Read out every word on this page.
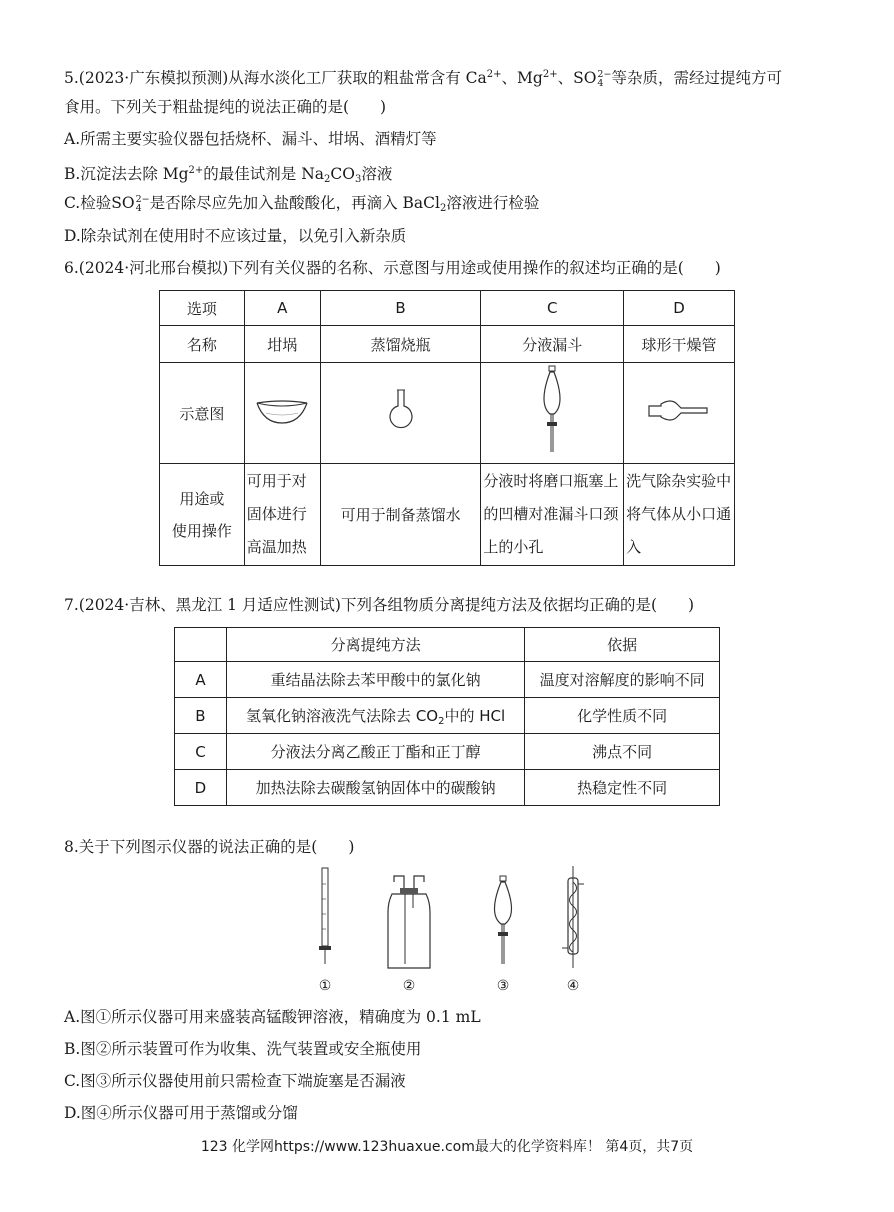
5.(2023·广东模拟预测)从海水淡化工厂获取的粗盐常含有 $Ca^{2+}$、$Mg^{2+}$、SO 2−
4 等杂质，需经过提纯方可
食用。下列关于粗盐提纯的说法正确的是(　　)
A.所需主要实验仪器包括烧杯、漏斗、坩埚、酒精灯等
B.沉淀法去除 $Mg^{2+}$的最佳试剂是 $Na_2CO_3$溶液
C.检验SO 2−
4 是否除尽应先加入盐酸酸化，再滴入 BaCl$_2$溶液进行检验
D.除杂试剂在使用时不应该过量，以免引入新杂质
6.(2024·河北邢台模拟)下列有关仪器的名称、示意图与用途或使用操作的叙述均正确的是(　　)
选项	A	B	C	D
名称	坩埚	蒸馏烧瓶	分液漏斗	球形干燥管
示意图				

用途或
使用操作	可用于对固体进行高温加热	可用于制备蒸馏水	分液时将磨口瓶塞上的凹槽对准漏斗口颈上的小孔	洗气除杂实验中将气体从小口通入
7.(2024·吉林、黑龙江 1 月适应性测试)下列各组物质分离提纯方法及依据均正确的是(　　)
	分离提纯方法	依据
A	重结晶法除去苯甲酸中的氯化钠	温度对溶解度的影响不同
B	氢氧化钠溶液洗气法除去 $CO_2$中的 HCl	化学性质不同
C	分液法分离乙酸正丁酯和正丁醇	沸点不同
D	加热法除去碳酸氢钠固体中的碳酸钠	热稳定性不同
8.关于下列图示仪器的说法正确的是(　　)
①	②	③	④
A.图①所示仪器可用来盛装高锰酸钾溶液，精确度为 0.1 mL
B.图②所示装置可作为收集、洗气装置或安全瓶使用
C.图③所示仪器使用前只需检查下端旋塞是否漏液
D.图④所示仪器可用于蒸馏或分馏
123 化学网https://www.123huaxue.com最大的化学资料库！ 第4页，共7页
